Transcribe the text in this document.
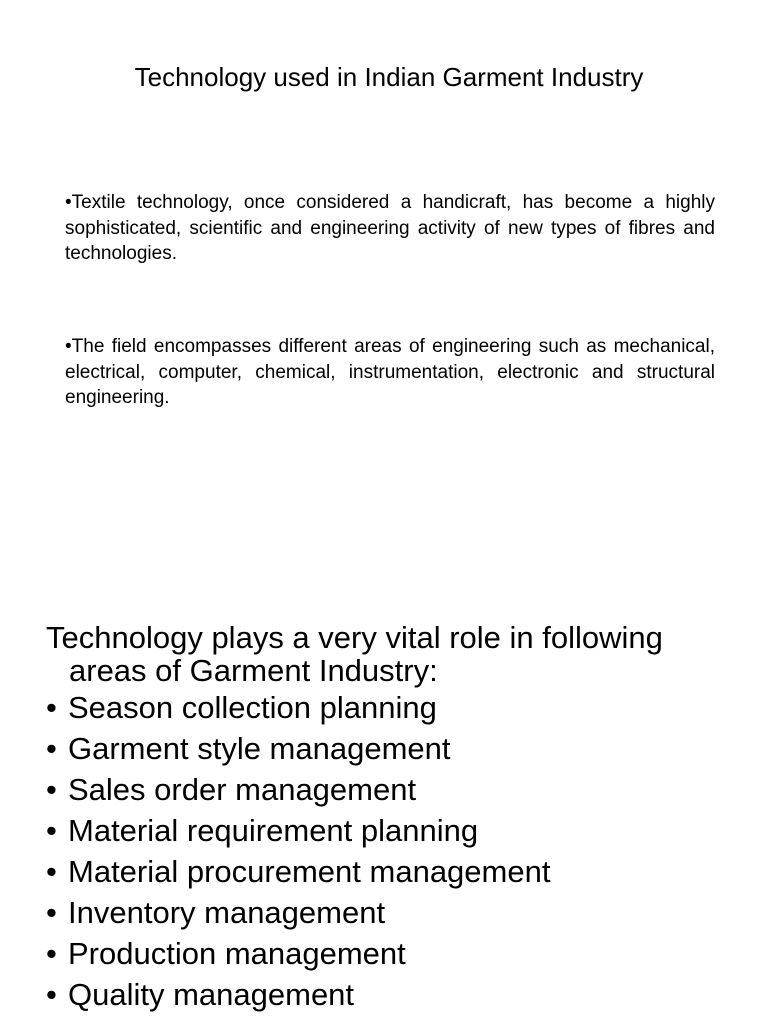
Technology used in Indian Garment Industry

•Textile technology, once considered a handicraft, has become a highly sophisticated, scientific and engineering activity of new types of fibres and technologies.

•The field encompasses different areas of engineering such as mechanical, electrical, computer, chemical, instrumentation, electronic and structural engineering.

Technology plays a very vital role in following areas of Garment Industry:

• Season collection planning
• Garment style management
• Sales order management
• Material requirement planning
• Material procurement management
• Inventory management
• Production management
• Quality management
